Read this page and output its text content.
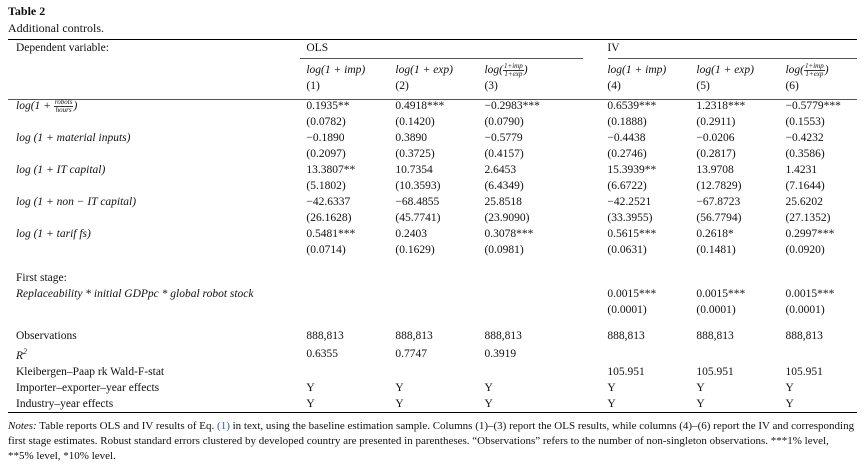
Table 2
Additional controls.
Dependent variable:	OLS			IV		

	log(1 + imp)	log(1 + exp)	$\log( \frac{\text{1+imp}}{1+\exp}$ )	log(1 + imp)	log(1 + exp)	$\log( \frac{\text{1+imp}}{1+\exp}$ )
	(1)	(2)	(3)	(4)	(5)	(6)

$\log(1 + \frac{\text{robots}}{\text{hours}}$ )	0.1935**	0.4918***	−0.2983***	0.6539***	1.2318***	−0.5779***
	(0.0782)	(0.1420)	(0.0790)	(0.1888)	(0.2911)	(0.1553)
log (1 + material inputs)	−0.1890	0.3890	−0.5779	−0.4438	−0.0206	−0.4232
	(0.2097)	(0.3725)	(0.4157)	(0.2746)	(0.2817)	(0.3586)
log (1 + IT capital)	13.3807**	10.7354	2.6453	15.3939**	13.9708	1.4231
	(5.1802)	(10.3593)	(6.4349)	(6.6722)	(12.7829)	(7.1644)
log (1 + non − IT capital)	−42.6337	−68.4855	25.8518	−42.2521	−67.8723	25.6202
	(26.1628)	(45.7741)	(23.9090)	(33.3955)	(56.7794)	(27.1352)
log (1 + tarif fs)	0.5481***	0.2403	0.3078***	0.5615***	0.2618*	0.2997***
	(0.0714)	(0.1629)	(0.0981)	(0.0631)	(0.1481)	(0.0920)

First stage:						
Replaceability * initial GDPpc * global robot stock				0.0015***	0.0015***	0.0015***
				(0.0001)	(0.0001)	(0.0001)

Observations	888,813	888,813	888,813	888,813	888,813	888,813
$R^2$	0.6355	0.7747	0.3919			
Kleibergen–Paap rk Wald-F-stat				105.951	105.951	105.951
Importer–exporter–year effects	Y	Y	Y	Y	Y	Y
Industry–year effects	Y	Y	Y	Y	Y	Y
Notes: Table reports OLS and IV results of Eq. (1) in text, using the baseline estimation sample. Columns (1)–(3) report the OLS results, while columns (4)–(6) report the IV and corresponding first stage estimates. Robust standard errors clustered by developed country are presented in parentheses. “Observations” refers to the number of non-singleton observations. ***1% level, **5% level, *10% level.
